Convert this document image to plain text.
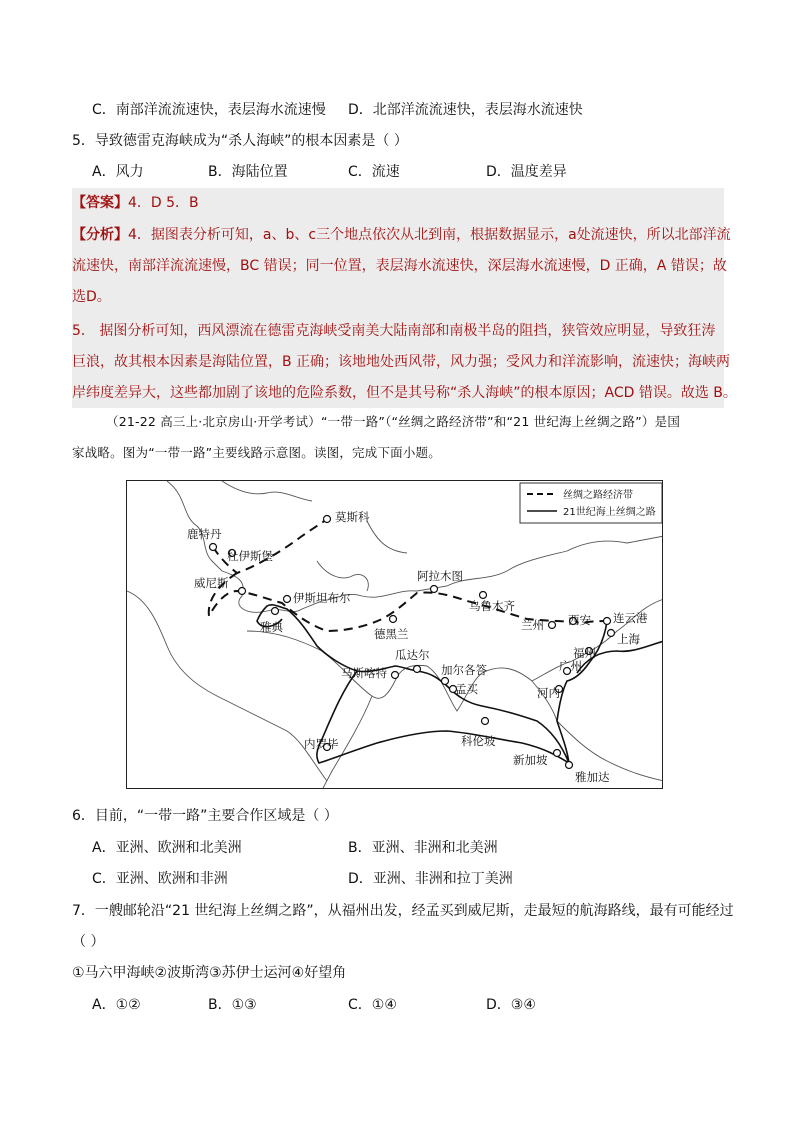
C．南部洋流流速快，表层海水流速慢 D．北部洋流流速快，表层海水流速快
5．导致德雷克海峡成为“杀人海峡”的根本因素是（ ）
A．风力	B．海陆位置	C．流速	D．温度差异
【答案】4．D 5．B
【分析】4．据图表分析可知，a、b、c三个地点依次从北到南，根据数据显示，a处流速快，所以北部洋流
流速快，南部洋流流速慢，BC 错误；同一位置，表层海水流速快，深层海水流速慢，D 正确，A 错误；故
选D。
5． 据图分析可知，西风漂流在德雷克海峡受南美大陆南部和南极半岛的阻挡，狭管效应明显，导致狂涛
巨浪，故其根本因素是海陆位置，B 正确；该地地处西风带，风力强；受风力和洋流影响，流速快；海峡两
岸纬度差异大，这些都加剧了该地的危险系数，但不是其号称“杀人海峡”的根本原因；ACD 错误。故选 B。
（21-22 高三上·北京房山·开学考试）“一带一路”（“丝绸之路经济带”和“21 世纪海上丝绸之路”）是国
家战略。图为“一带一路”主要线路示意图。读图，完成下面小题。
丝绸之路经济带
21世纪海上丝绸之路
莫斯科
鹿特丹
杜伊斯堡
威尼斯
伊斯坦布尔
雅典
阿拉木图
乌鲁木齐
德黑兰
兰州 西安 连云港
上海
福州
广州
瓜达尔
马斯喀特	加尔各答
孟买	河内
科伦坡
内罗毕
新加坡
雅加达
6．目前，“一带一路”主要合作区域是（ ）
A．亚洲、欧洲和北美洲	B．亚洲、非洲和北美洲
C．亚洲、欧洲和非洲	D．亚洲、非洲和拉丁美洲
7．一艘邮轮沿“21 世纪海上丝绸之路”，从福州出发，经孟买到威尼斯，走最短的航海路线，最有可能经过
（ ）
①马六甲海峡②波斯湾③苏伊士运河④好望角
A．①②	B．①③	C．①④	D．③④
